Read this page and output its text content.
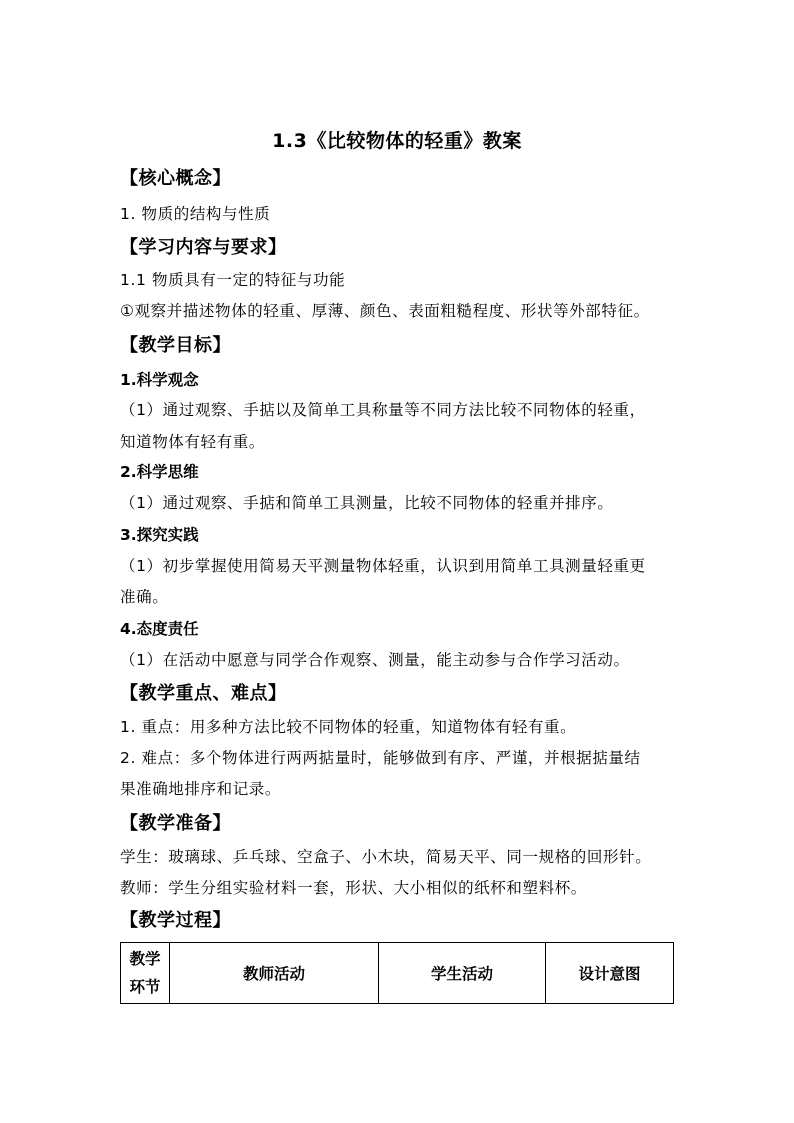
1.3《比较物体的轻重》教案
【核心概念】
1. 物质的结构与性质
【学习内容与要求】
1.1 物质具有一定的特征与功能
①观察并描述物体的轻重、厚薄、颜色、表面粗糙程度、形状等外部特征。
【教学目标】
1.科学观念
（1）通过观察、手掂以及简单工具称量等不同方法比较不同物体的轻重，
知道物体有轻有重。
2.科学思维
（1）通过观察、手掂和简单工具测量，比较不同物体的轻重并排序。
3.探究实践
（1）初步掌握使用简易天平测量物体轻重，认识到用简单工具测量轻重更
准确。
4.态度责任
（1）在活动中愿意与同学合作观察、测量，能主动参与合作学习活动。
【教学重点、难点】
1. 重点：用多种方法比较不同物体的轻重，知道物体有轻有重。
2. 难点：多个物体进行两两掂量时，能够做到有序、严谨，并根据掂量结
果准确地排序和记录。
【教学准备】
学生：玻璃球、乒乓球、空盒子、小木块，简易天平、同一规格的回形针。
教师：学生分组实验材料一套，形状、大小相似的纸杯和塑料杯。
【教学过程】
教学环节	教师活动	学生活动	设计意图
